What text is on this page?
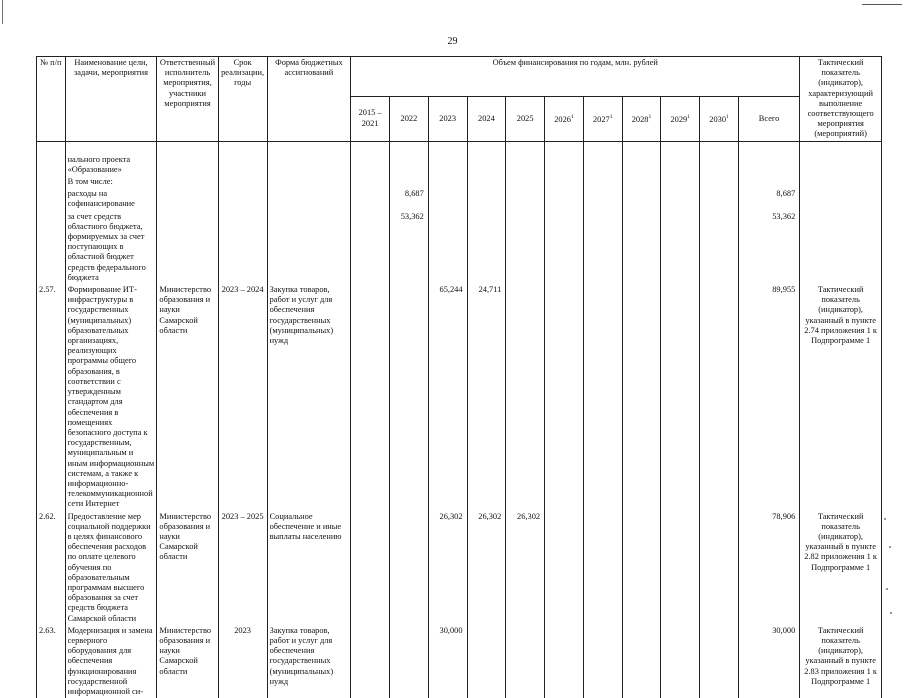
29
№ п/п	Наименование цели, задачи, мероприятия	Ответственный исполнитель мероприятия, участники мероприятия	Срок реализации, годы	Форма бюджетных ассигнований	Объем финансирования по годам, млн. рублей											Тактический показатель (индикатор), характеризующий выполнение соответствующего мероприятия (мероприятий)
					2015 – 2021	2022	2023	2024	2025	2026$^1$	2027$^1$	2028$^1$	2029$^1$	2030$^1$	Всего	
	нального проекта «Образование»															
	В том числе:															
	расходы на софинансирование					8,687									8,687	
	за счет средств областного бюджета, формируемых за счет поступающих в областной бюджет средств федерального бюджета					53,362									53,362	
2.57.	Формирование ИТ-инфраструктуры в государственных (муниципальных) образовательных организациях, реализующих программы общего образования, в соответствии с утвержденным стандартом для обеспечения в помещениях безопасного доступа к государственным, муниципальным и иным информационным системам, а также к информационно-телекоммуникационной сети Интернет	Министерство образования и науки Самарской области	2023 – 2024	Закупка товаров, работ и услуг для обеспечения государственных (муниципальных) нужд			65,244	24,711							89,955	Тактический показатель (индикатор), указанный в пункте 2.74 приложения 1 к Подпрограмме 1
2.62.	Предоставление мер социальной поддержки в целях финансового обеспечения расходов по оплате целевого обучения по образовательным программам высшего образования за счет средств бюджета Самарской области	Министерство образования и науки Самарской области	2023 – 2025	Социальное обеспечение и иные выплаты населению			26,302	26,302	26,302						78,906	Тактический показатель (индикатор), указанный в пункте 2.82 приложения 1 к Подпрограмме 1
2.63.	Модернизация и замена серверного оборудования для обеспечения функционирования государственной информационной си-	Министерство образования и науки Самарской области	2023	Закупка товаров, работ и услуг для обеспечения государственных (муниципальных) нужд			30,000								30,000	Тактический показатель (индикатор), указанный в пункте 2.83 приложения 1 к Подпрограмме 1
